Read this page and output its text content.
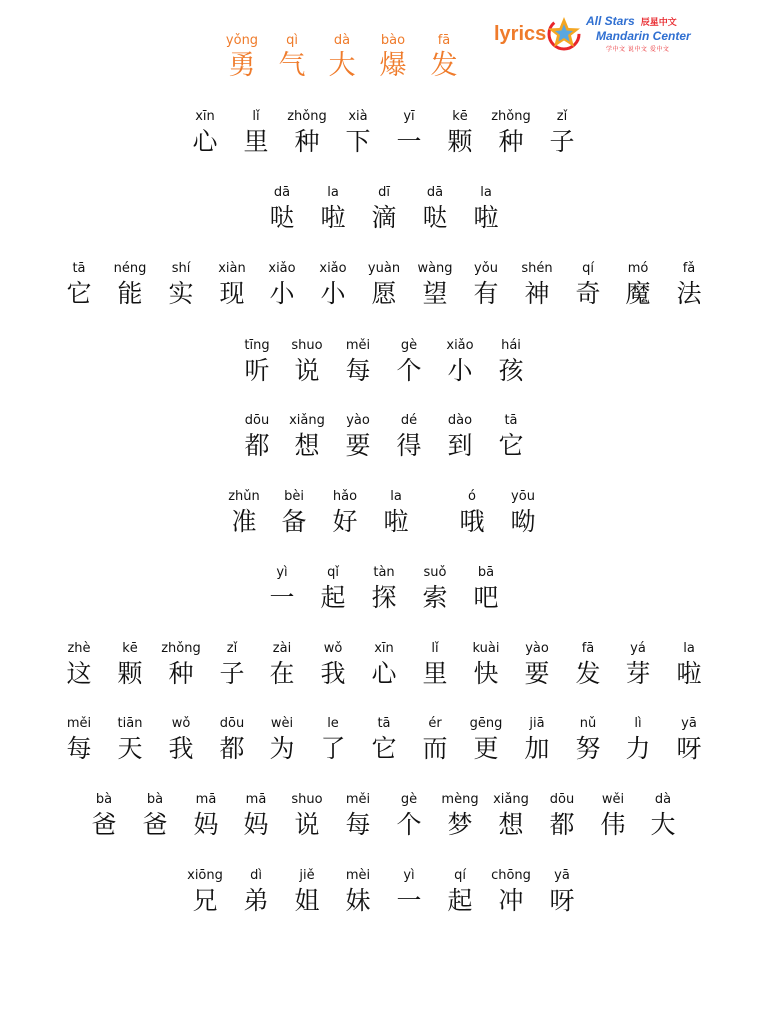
All Stars 辰星中文
Mandarin Center
学中文 说中文 爱中文
yǒng
勇
qì
气
dà
大
bào
爆
fā
发
lyrics
xīn
心
lǐ
里
zhǒng
种
xià
下
yī
一
kē
颗
zhǒng
种
zǐ
子
dā
哒
la
啦
dī
滴
dā
哒
la
啦
tā
它
néng
能
shí
实
xiàn
现
xiǎo
小
xiǎo
小
yuàn
愿
wàng
望
yǒu
有
shén
神
qí
奇
mó
魔
fǎ
法
tīng
听
shuo
说
měi
每
gè
个
xiǎo
小
hái
孩
dōu
都
xiǎng
想
yào
要
dé
得
dào
到
tā
它
zhǔn
准
bèi
备
hǎo
好
la
啦
ó
哦
yōu
呦
yì
一
qǐ
起
tàn
探
suǒ
索
bā
吧
zhè
这
kē
颗
zhǒng
种
zǐ
子
zài
在
wǒ
我
xīn
心
lǐ
里
kuài
快
yào
要
fā
发
yá
芽
la
啦
měi
每
tiān
天
wǒ
我
dōu
都
wèi
为
le
了
tā
它
ér
而
gēng
更
jiā
加
nǔ
努
lì
力
yā
呀
bà
爸
bà
爸
mā
妈
mā
妈
shuo
说
měi
每
gè
个
mèng
梦
xiǎng
想
dōu
都
wěi
伟
dà
大
xiōng
兄
dì
弟
jiě
姐
mèi
妹
yì
一
qí
起
chōng
冲
yā
呀
